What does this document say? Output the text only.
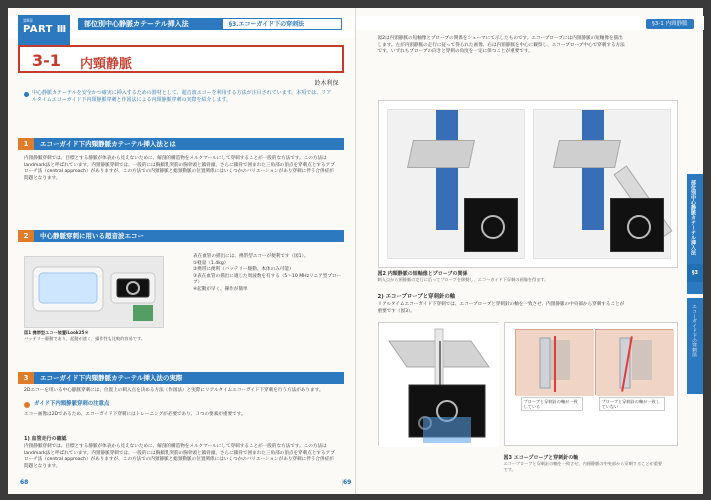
第Ⅱ章
PART Ⅲ	部位別中心静脈カテーテル挿入法	§3.エコーガイド下の穿刺法
3-1 内頸静脈
鈴木利保
中心静脈カテーテルを安全かつ確実に挿入するための器材として、超音波エコーを利用する方法が注目されています。本項では、リアルタイムエコーガイド下内頸静脈穿刺と作図法による内頸静脈穿刺の実際を紹介します。
1	エコーガイド下内頸静脈カテーテル挿入法とは
内頸静脈穿刺では、目標とする静脈が体表から見えないために、解剖的構造物をメルクマールにして穿刺することが一般的な方法です。この方法はlandmark法と呼ばれています。内頸静脈穿刺では、一般的には胸鎖乳突筋の胸骨頭と鎖骨頭、さらに鎖骨で囲まれた三角部の頂点を穿刺点とするアプローチ法（central approach）がありますが、この方法での内頸静脈と総頸動脈の位置関係にはいくつかのバリエーションがあり穿刺に伴う合併症が問題となります。
2	中心静脈穿刺に用いる超音波エコー
図1 携帯型エコー装置iLook25®
バッテリー駆動であり、起動が速く、操作性も比較的容易です。
表在血管の描出には、携帯型エコーが便利です（図1）。
①軽量（1.4kg）
②携帯に便利（バッテリー駆動、本体のみ可能）
③表在血管の描出に適した周波数を有する（5〜10 MHzリニア型プローブ）
④起動が早く、操作が簡単
3	エコーガイド下内頸静脈カテーテル挿入法の実際
2Dエコーを用いる中心静脈穿刺には、位置上の刺入点を決める方法（作図法）と実際にリアルタイムエコーガイド下穿刺を行う方法があります。
ガイド下内頸静脈穿刺の注意点
エコー画像は2Dであるため、エコーガイド下穿刺にはトレーニングが必要であり、３つの要素が重要です。
1) 血管走行の確認
内頸静脈穿刺では、目標とする静脈が体表から見えないために、解剖的構造物をメルクマールにして穿刺することが一般的な方法です。この方法はlandmark法と呼ばれています。内頸静脈穿刺では、一般的には胸鎖乳突筋の胸骨頭と鎖骨頭、さらに鎖骨で囲まれた三角部の頂点を穿刺点とするアプローチ法（central approach）がありますが、この方法での内頸静脈と総頸動脈の位置関係にはいくつかのバリエーションがあり穿刺に伴う合併症が問題となります。
68
§3-1 内頸静脈
図2は内頸静脈の短軸像とプローブの関係をシェーマにて示したものです。エコープローブには内頸静脈の短軸像を描出します。左が内頸静脈の走行に従って得られた画像、右は内頸静脈を中心に観察し、エコープローブ中心で穿刺する方法です。いずれもプローブの向きと穿刺の角度を一定に保つことが重要です。
図2 内頸静脈の短軸像とプローブの関係
刺入点から頸静脈の走行に沿ってプローブを移動し、エコーガイド下穿刺の画像を得ます。
2) エコープローブと穿刺針の軸
リアルタイムエコーガイド下穿刺では、エコープローブと穿刺針の軸を一致させ、内頸静脈の中央部から穿刺することが重要です（図3）。
プローブと穿刺針の軸が一致している
プローブと穿刺針の軸が一致していない
図3 エコープローブと穿刺針の軸
エコープローブと穿刺針の軸を一致させ、内頸静脈の中央部から穿刺することが重要です。
部位別中心静脈カテーテル挿入法
§3
エコーガイド下の穿刺法
69
